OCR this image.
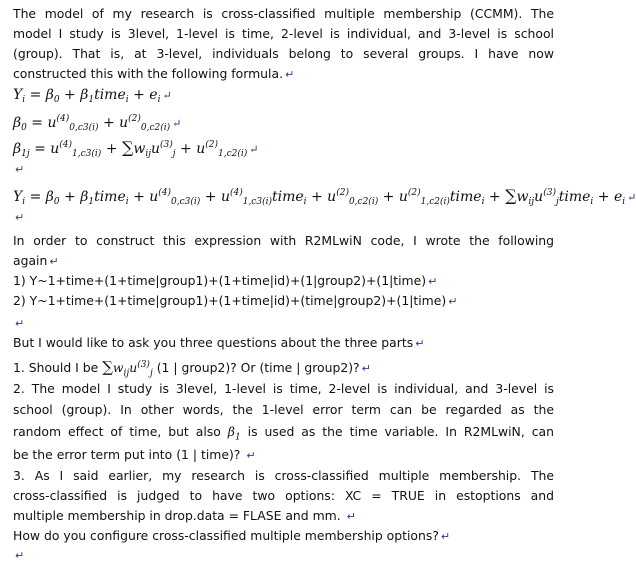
The model of my research is cross-classified multiple membership (CCMM). The
model I study is 3level, 1-level is time, 2-level is individual, and 3-level is school
(group). That is, at 3-level, individuals belong to several groups. I have now
constructed this with the following formula. ↵
$Y_i = \beta_0$ + $\beta_1time_i + e_i$ ↵
$\beta_0 = u^{(4)}_{0,c3(i)} + u^{(2)}_{0,c2(i)}$ ↵
$\beta_{1j} = u^{(4)}_{1,c3(i)} + \sum w_{ij}u^{(3)}_j + u^{(2)}_{1,c2(i)}$ ↵
↵
$Y_i = \beta_0$ + $\beta_1time_i + u^{(4)}_{0,c3(i)}$ + $u^{(4)}_{1,c3(i)}time_i + u^{(2)}_{0,c2(i)}$ + $u^{(2)}_{1,c2(i)}time_i$ + $\sum w_{ij}u^{(3)}_jtime_i + e_i$ ↵
↵
In order to construct this expression with R2MLwiN code, I wrote the following
again ↵
1) Y~1+time+(1+time|group1)+(1+time|id)+(1|group2)+(1|time) ↵
2) Y~1+time+(1+time|group1)+(1+time|id)+(time|group2)+(1|time) ↵
↵
But I would like to ask you three questions about the three parts ↵
1. Should I be $\sum w_{ij}u^{(3)}_j$ (1 | group2)? Or (time | group2)? ↵
2. The model I study is 3level, 1-level is time, 2-level is individual, and 3-level is
school (group). In other words, the 1-level error term can be regarded as the
random effect of time, but also $\beta_1$ is used as the time variable. In R2MLwiN, can
be the error term put into (1 | time)? ↵
3. As I said earlier, my research is cross-classified multiple membership. The
cross-classified is judged to have two options: XC = TRUE in estoptions and
multiple membership in drop.data = FLASE and mm. ↵
How do you configure cross-classified multiple membership options? ↵
↵
